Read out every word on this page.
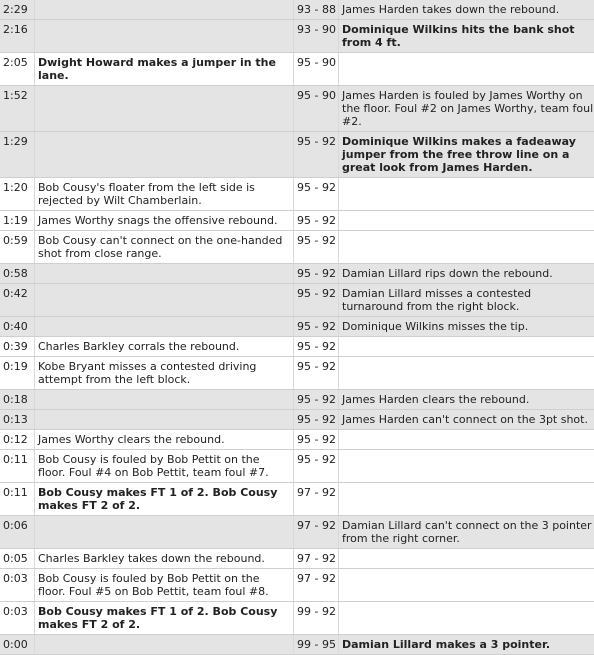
2:29		93 - 88	James Harden takes down the rebound.
2:16		93 - 90	Dominique Wilkins hits the bank shot from 4 ft.
2:05	Dwight Howard makes a jumper in the lane.	95 - 90	
1:52		95 - 90	James Harden is fouled by James Worthy on the floor. Foul #2 on James Worthy, team foul #2.
1:29		95 - 92	Dominique Wilkins makes a fadeaway jumper from the free throw line on a great look from James Harden.
1:20	Bob Cousy's floater from the left side is rejected by Wilt Chamberlain.	95 - 92	
1:19	James Worthy snags the offensive rebound.	95 - 92	
0:59	Bob Cousy can't connect on the one-handed shot from close range.	95 - 92	
0:58		95 - 92	Damian Lillard rips down the rebound.
0:42		95 - 92	Damian Lillard misses a contested turnaround from the right block.
0:40		95 - 92	Dominique Wilkins misses the tip.
0:39	Charles Barkley corrals the rebound.	95 - 92	
0:19	Kobe Bryant misses a contested driving attempt from the left block.	95 - 92	
0:18		95 - 92	James Harden clears the rebound.
0:13		95 - 92	James Harden can't connect on the 3pt shot.
0:12	James Worthy clears the rebound.	95 - 92	
0:11	Bob Cousy is fouled by Bob Pettit on the floor. Foul #4 on Bob Pettit, team foul #7.	95 - 92	
0:11	Bob Cousy makes FT 1 of 2. Bob Cousy makes FT 2 of 2.	97 - 92	
0:06		97 - 92	Damian Lillard can't connect on the 3 pointer from the right corner.
0:05	Charles Barkley takes down the rebound.	97 - 92	
0:03	Bob Cousy is fouled by Bob Pettit on the floor. Foul #5 on Bob Pettit, team foul #8.	97 - 92	
0:03	Bob Cousy makes FT 1 of 2. Bob Cousy makes FT 2 of 2.	99 - 92	
0:00		99 - 95	Damian Lillard makes a 3 pointer.
